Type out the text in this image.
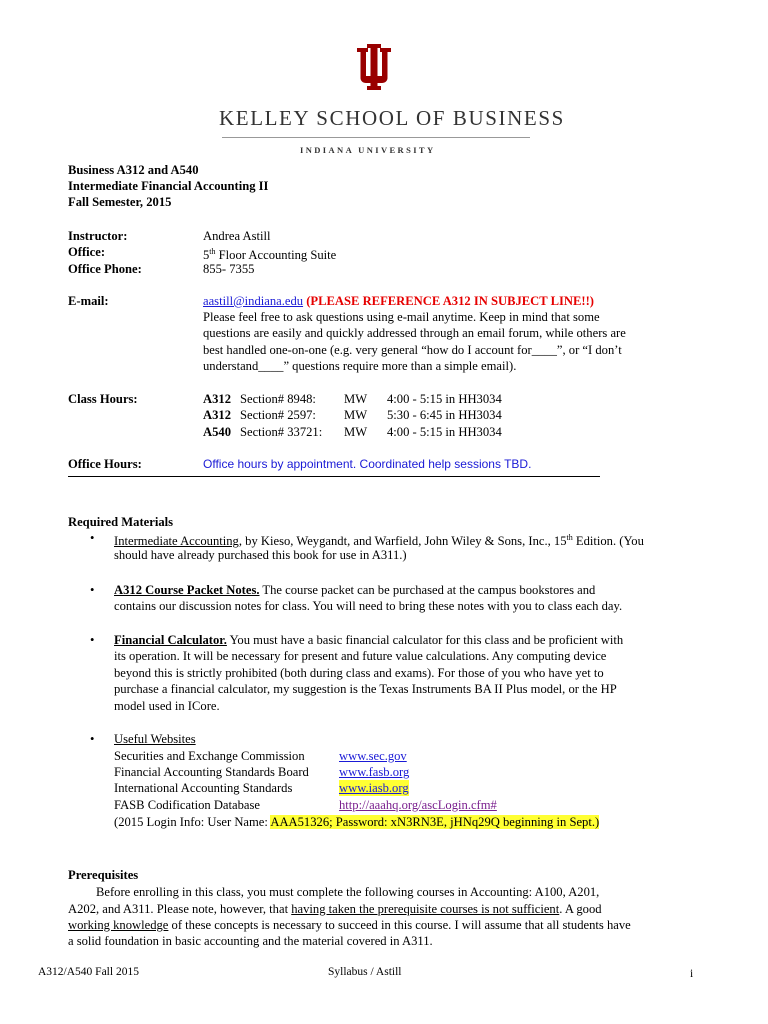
KELLEY SCHOOL OF BUSINESS
INDIANA UNIVERSITY
Business A312 and A540
Intermediate Financial Accounting II
Fall Semester, 2015
Instructor:	Andrea Astill
Office:	5th Floor Accounting Suite
Office Phone:	855- 7355
E-mail:	aastill@indiana.edu (PLEASE REFERENCE A312 IN SUBJECT LINE!!)
Please feel free to ask questions using e-mail anytime. Keep in mind that some
questions are easily and quickly addressed through an email forum, while others are
best handled one-on-one (e.g. very general “how do I account for____”, or “I don’t
understand____” questions require more than a simple email).
Class Hours:	A312 Section# 8948: MW 4:00 - 5:15 in HH3034
A312 Section# 2597: MW 5:30 - 6:45 in HH3034
A540 Section# 33721: MW 4:00 - 5:15 in HH3034
Office Hours:	Office hours by appointment. Coordinated help sessions TBD.
Required Materials
• Intermediate Accounting, by Kieso, Weygandt, and Warfield, John Wiley & Sons, Inc., 15th Edition. (You
should have already purchased this book for use in A311.)
• A312 Course Packet Notes. The course packet can be purchased at the campus bookstores and
contains our discussion notes for class. You will need to bring these notes with you to class each day.
• Financial Calculator. You must have a basic financial calculator for this class and be proficient with
its operation. It will be necessary for present and future value calculations. Any computing device
beyond this is strictly prohibited (both during class and exams). For those of you who have yet to
purchase a financial calculator, my suggestion is the Texas Instruments BA II Plus model, or the HP
model used in ICore.
• Useful Websites
Securities and Exchange Commission	www.sec.gov
Financial Accounting Standards Board	www.fasb.org
International Accounting Standards	www.iasb.org
FASB Codification Database	http://aaahq.org/ascLogin.cfm#
(2015 Login Info: User Name: AAA51326; Password: xN3RN3E, jHNq29Q beginning in Sept.)
Prerequisites
Before enrolling in this class, you must complete the following courses in Accounting: A100, A201,
A202, and A311. Please note, however, that having taken the prerequisite courses is not sufficient. A good
working knowledge of these concepts is necessary to succeed in this course. I will assume that all students have
a solid foundation in basic accounting and the material covered in A311.
A312/A540 Fall 2015	Syllabus / Astill	i
